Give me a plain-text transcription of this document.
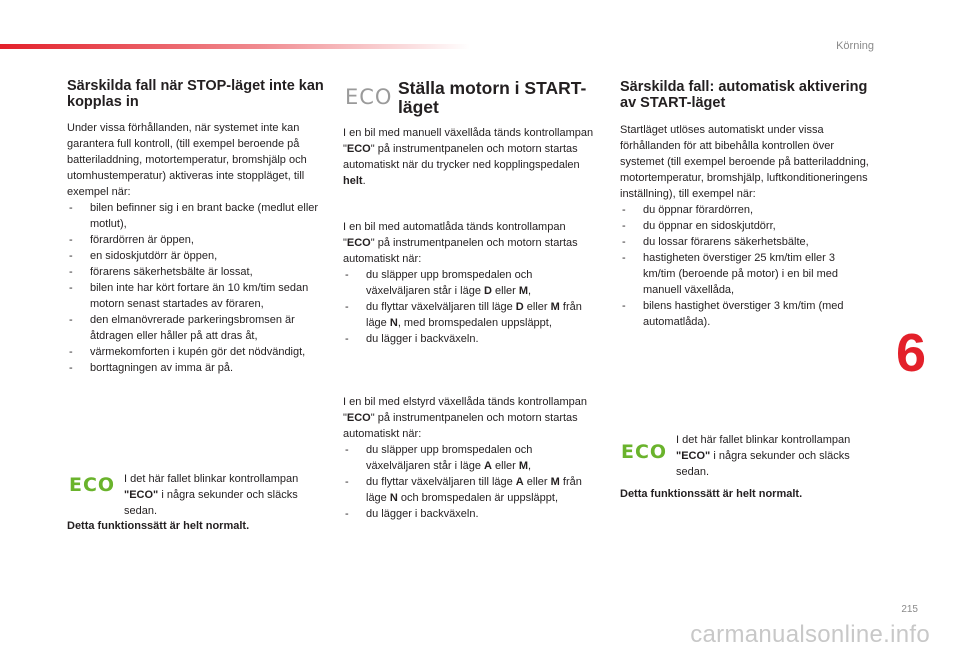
Körning
6
215
carmanualsonline.info
Särskilda fall när STOP-läget inte kan kopplas in

Under vissa förhållanden, när systemet inte kan garantera full kontroll, (till exempel beroende på batteriladdning, motortemperatur, bromshjälp och utomhustemperatur) aktiveras inte stoppläget, till exempel när:

- bilen befinner sig i en brant backe (medlut eller motlut),
- förardörren är öppen,
- en sidoskjutdörr är öppen,
- förarens säkerhetsbälte är lossat,
- bilen inte har kört fortare än 10 km/tim sedan motorn senast startades av föraren,
- den elmanövrerade parkeringsbromsen är åtdragen eller håller på att dras åt,
- värmekomforten i kupén gör det nödvändigt,
- borttagningen av imma är på.
ECO I det här fallet blinkar kontrollampan "ECO" i några sekunder och släcks sedan.
Detta funktionssätt är helt normalt.
ECO Ställa motorn i START-läget

I en bil med manuell växellåda tänds kontrollampan "ECO" på instrumentpanelen och motorn startas automatiskt när du trycker ned kopplingspedalen helt.

I en bil med automatlåda tänds kontrollampan "ECO" på instrumentpanelen och motorn startas automatiskt när:

- du släpper upp bromspedalen och växelväljaren står i läge D eller M,
- du flyttar växelväljaren till läge D eller M från läge N, med bromspedalen uppsläppt,
- du lägger i backväxeln.

I en bil med elstyrd växellåda tänds kontrollampan "ECO" på instrumentpanelen och motorn startas automatiskt när:

- du släpper upp bromspedalen och växelväljaren står i läge A eller M,
- du flyttar växelväljaren till läge A eller M från läge N och bromspedalen är uppsläppt,
- du lägger i backväxeln.
Särskilda fall: automatisk aktivering av START-läget

Startläget utlöses automatiskt under vissa förhållanden för att bibehålla kontrollen över systemet (till exempel beroende på batteriladdning, motortemperatur, bromshjälp, luftkonditioneringens inställning), till exempel när:

- du öppnar förardörren,
- du öppnar en sidoskjutdörr,
- du lossar förarens säkerhetsbälte,
- hastigheten överstiger 25 km/tim eller 3 km/tim (beroende på motor) i en bil med manuell växellåda,
- bilens hastighet överstiger 3 km/tim (med automatlåda).
ECO
I det här fallet blinkar kontrollampan "ECO" i några sekunder och släcks sedan.
Detta funktionssätt är helt normalt.
